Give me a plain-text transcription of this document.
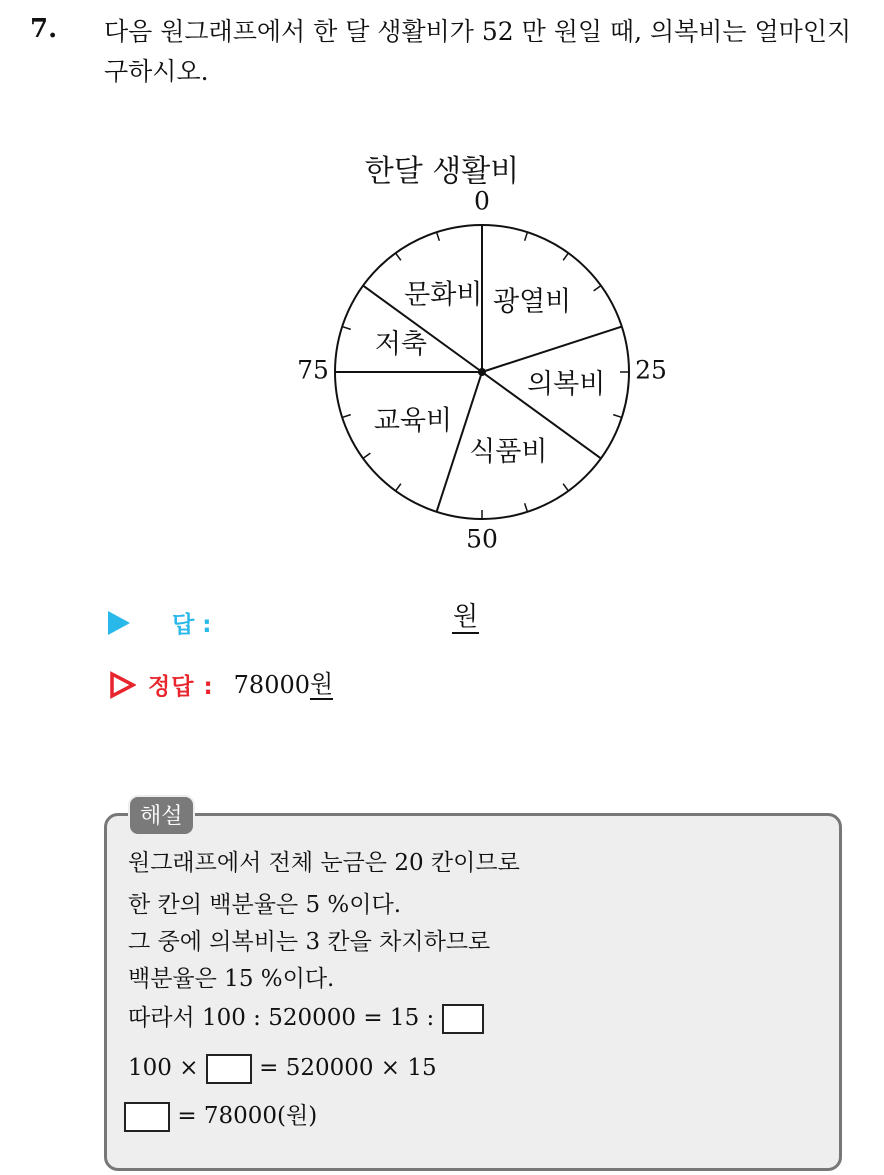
7. 다음 원그래프에서 한 달 생활비가 52 만 원일 때, 의복비는 얼마인지
구하시오.
한달 생활비
광열비
의복비
식품비
교육비
저축
문화비
0
25
50
75
답 :	원
정답 : 78000 원
해설
원그래프에서 전체 눈금은 20 칸이므로
한 칸의 백분율은 5 %이다.
그 중에 의복비는 3 칸을 차지하므로
백분율은 15 %이다.
따라서 100 : 520000 = 15 :
100 ×	= 520000 × 15
= 78000(원)
